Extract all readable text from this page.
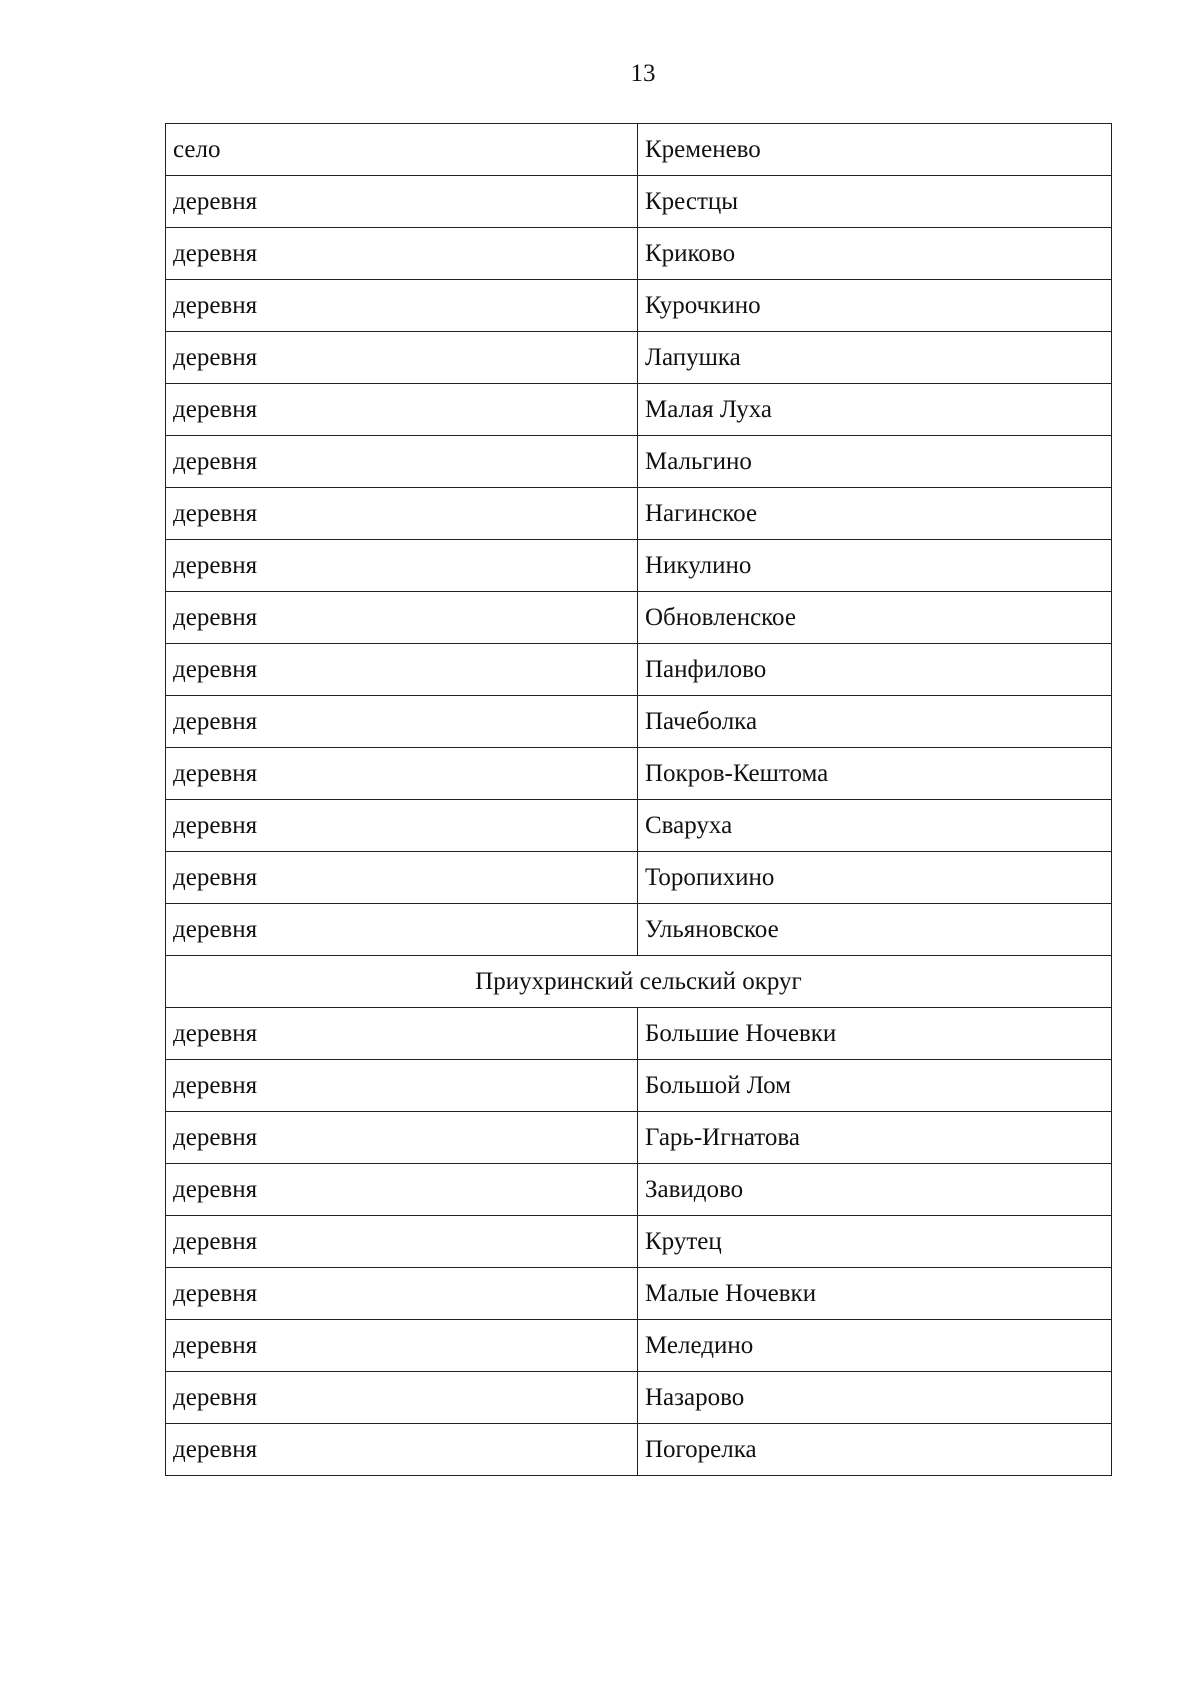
13
село	Кременево
деревня	Крестцы
деревня	Криково
деревня	Курочкино
деревня	Лапушка
деревня	Малая Луха
деревня	Мальгино
деревня	Нагинское
деревня	Никулино
деревня	Обновленское
деревня	Панфилово
деревня	Пачеболка
деревня	Покров-Кештома
деревня	Сваруха
деревня	Торопихино
деревня	Ульяновское
Приухринский сельский округ	
деревня	Большие Ночевки
деревня	Большой Лом
деревня	Гарь-Игнатова
деревня	Завидово
деревня	Крутец
деревня	Малые Ночевки
деревня	Меледино
деревня	Назарово
деревня	Погорелка
